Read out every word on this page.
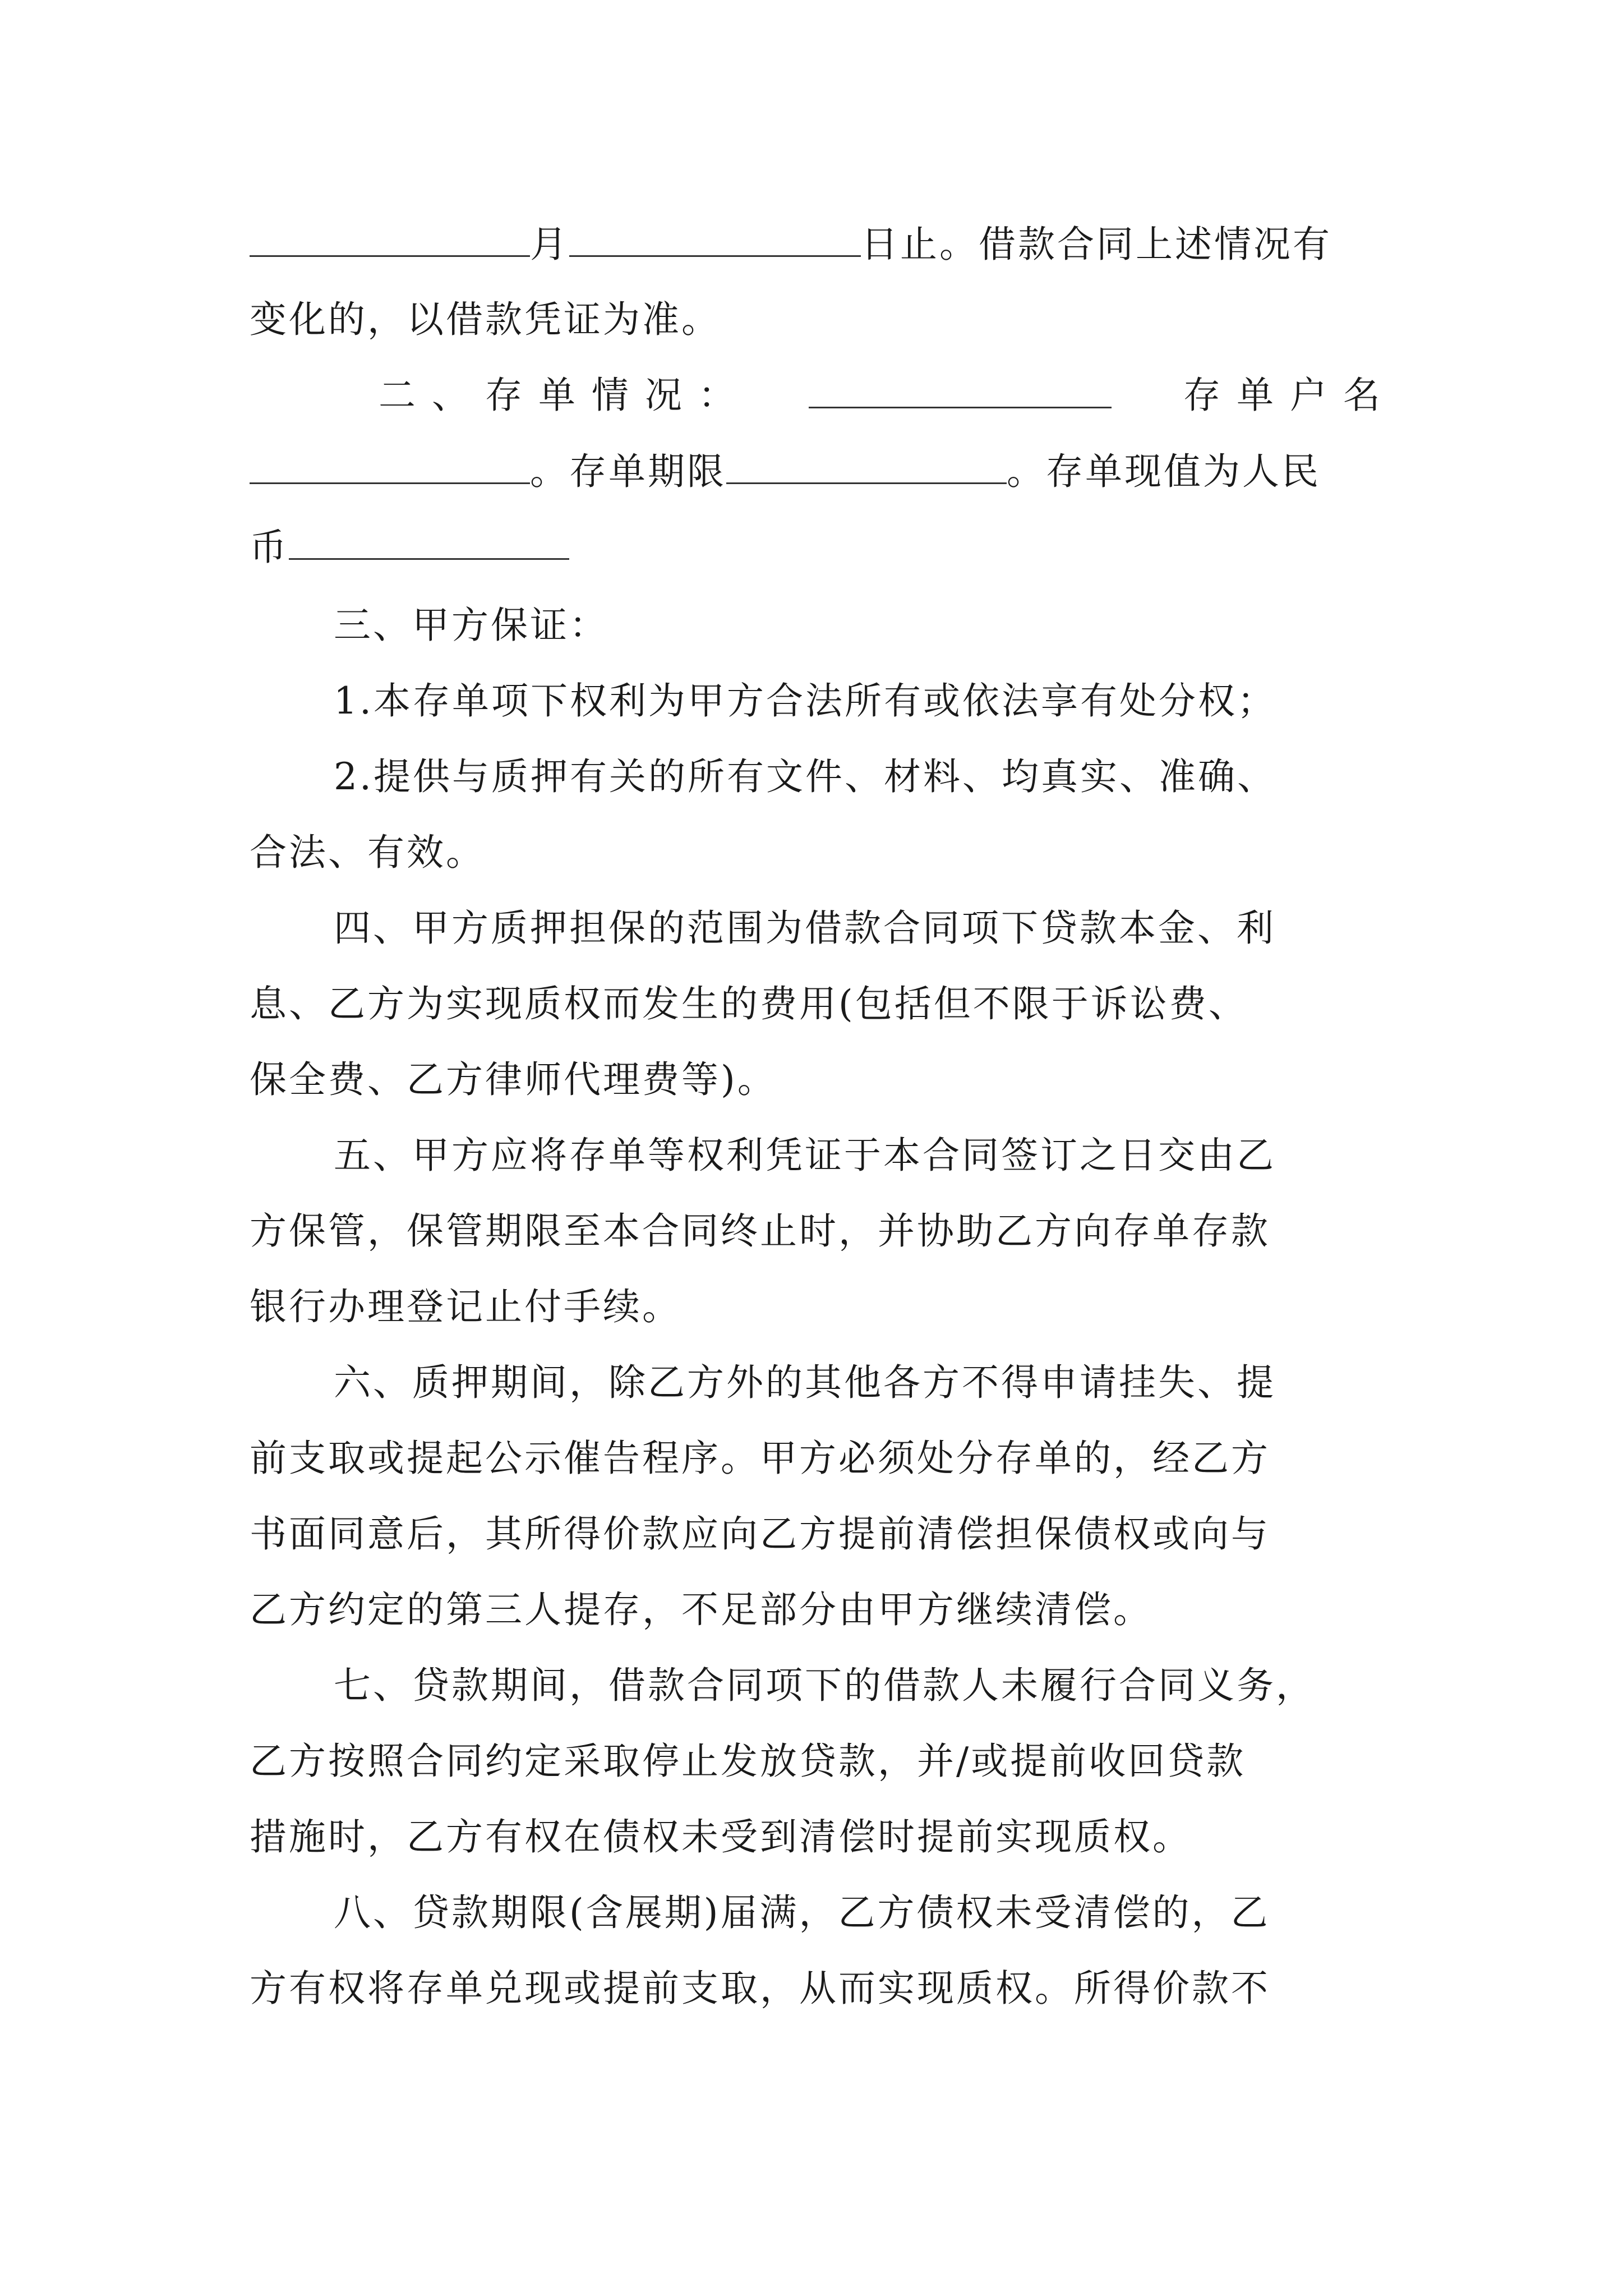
月	日止。借款合同上述情况有
变化的，以借款凭证为准。
二 、 存 单 情 况 ：	存 单 户 名
。存单期限	。存单现值为人民
币
三、甲方保证：
1.本存单项下权利为甲方合法所有或依法享有处分权；
2.提供与质押有关的所有文件、材料、均真实、准确、
合法、有效。
四、甲方质押担保的范围为借款合同项下贷款本金、利
息、乙方为实现质权而发生的费用(包括但不限于诉讼费、
保全费、乙方律师代理费等)。
五、甲方应将存单等权利凭证于本合同签订之日交由乙
方保管，保管期限至本合同终止时，并协助乙方向存单存款
银行办理登记止付手续。
六、质押期间，除乙方外的其他各方不得申请挂失、提
前支取或提起公示催告程序。甲方必须处分存单的，经乙方
书面同意后，其所得价款应向乙方提前清偿担保债权或向与
乙方约定的第三人提存，不足部分由甲方继续清偿。
七、贷款期间，借款合同项下的借款人未履行合同义务，
乙方按照合同约定采取停止发放贷款，并/或提前收回贷款
措施时，乙方有权在债权未受到清偿时提前实现质权。
八、贷款期限(含展期)届满，乙方债权未受清偿的，乙
方有权将存单兑现或提前支取，从而实现质权。所得价款不
